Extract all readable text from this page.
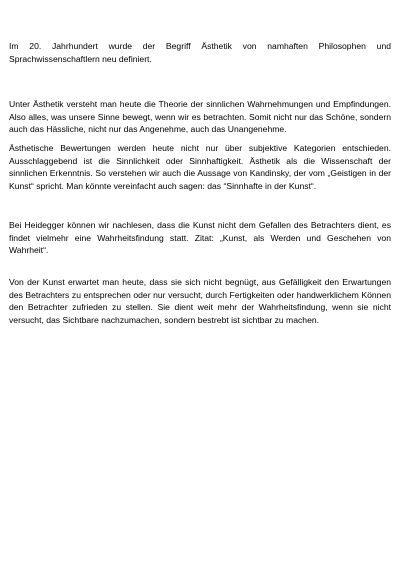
Im 20. Jahrhundert wurde der Begriff Ästhetik von namhaften Philosophen und Sprachwissenschaftlern neu definiert.

Unter Ästhetik versteht man heute die Theorie der sinnlichen Wahrnehmungen und Empfindungen. Also alles, was unsere Sinne bewegt, wenn wir es betrachten. Somit nicht nur das Schöne, sondern auch das Hässliche, nicht nur das Angenehme, auch das Unangenehme.

Ästhetische Bewertungen werden heute nicht nur über subjektive Kategorien entschieden. Ausschlaggebend ist die Sinnlichkeit oder Sinnhaftigkeit. Ästhetik als die Wissenschaft der sinnlichen Erkenntnis. So verstehen wir auch die Aussage von Kandinsky, der vom „Geistigen in der Kunst“ spricht. Man könnte vereinfacht auch sagen: das “Sinnhafte in der Kunst“.

Bei Heidegger können wir nachlesen, dass die Kunst nicht dem Gefallen des Betrachters dient, es findet vielmehr eine Wahrheitsfindung statt. Zitat: „Kunst, als Werden und Geschehen von Wahrheit“.

Von der Kunst erwartet man heute, dass sie sich nicht begnügt, aus Gefälligkeit den Erwartungen des Betrachters zu entsprechen oder nur versucht, durch Fertigkeiten oder handwerklichem Können den Betrachter zufrieden zu stellen. Sie dient weit mehr der Wahrheitsfindung, wenn sie nicht versucht, das Sichtbare nachzumachen, sondern bestrebt ist sichtbar zu machen.
